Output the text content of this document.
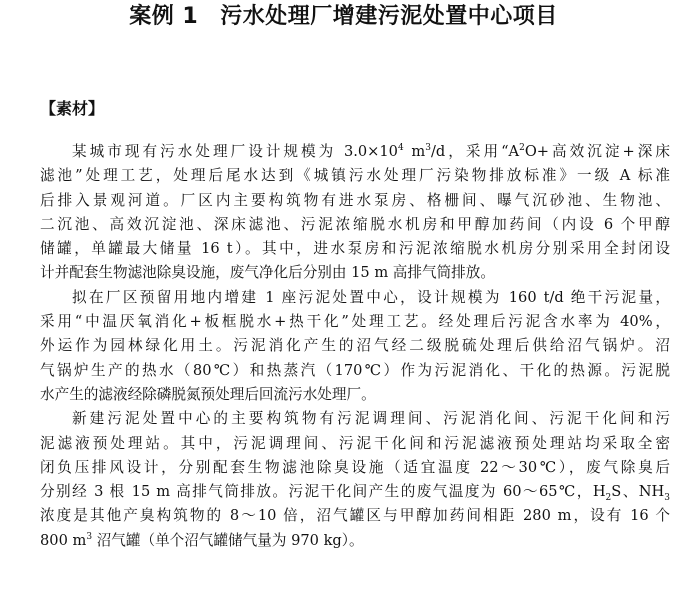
案例 1 污水处理厂增建污泥处置中心项目
【素材】
某城市现有污水处理厂设计规模为 $3.0\times 10^4$ $m^3/d$，采用“$A^2O+$高效沉淀+深床
滤池”处理工艺，处理后尾水达到《城镇污水处理厂污染物排放标准》一级 A 标准
后排入景观河道。厂区内主要构筑物有进水泵房、格栅间、曝气沉砂池、生物池、
二沉池、高效沉淀池、深床滤池、污泥浓缩脱水机房和甲醇加药间（内设 6 个甲醇
储罐，单罐最大储量 16 t）。其中，进水泵房和污泥浓缩脱水机房分别采用全封闭设
计并配套生物滤池除臭设施，废气净化后分别由 15 m 高排气筒排放。
拟在厂区预留用地内增建 1 座污泥处置中心，设计规模为 160 t/d 绝干污泥量，
采用“中温厌氧消化+板框脱水+热干化”处理工艺。经处理后污泥含水率为 40%，
外运作为园林绿化用土。污泥消化产生的沼气经二级脱硫处理后供给沼气锅炉。沼
气锅炉生产的热水（80℃）和热蒸汽（170℃）作为污泥消化、干化的热源。污泥脱
水产生的滤液经除磷脱氮预处理后回流污水处理厂。
新建污泥处置中心的主要构筑物有污泥调理间、污泥消化间、污泥干化间和污
泥滤液预处理站。其中，污泥调理间、污泥干化间和污泥滤液预处理站均采取全密
闭负压排风设计，分别配套生物滤池除臭设施（适宜温度 22～30℃），废气除臭后
分别经 3 根 15 m 高排气筒排放。污泥干化间产生的废气温度为 60～65℃，$H_2S$、$NH_3$
浓度是其他产臭构筑物的 8～10 倍，沼气罐区与甲醇加药间相距 280 m，设有 16 个
800 $m^3$ 沼气罐（单个沼气罐储气量为 970 kg）。
